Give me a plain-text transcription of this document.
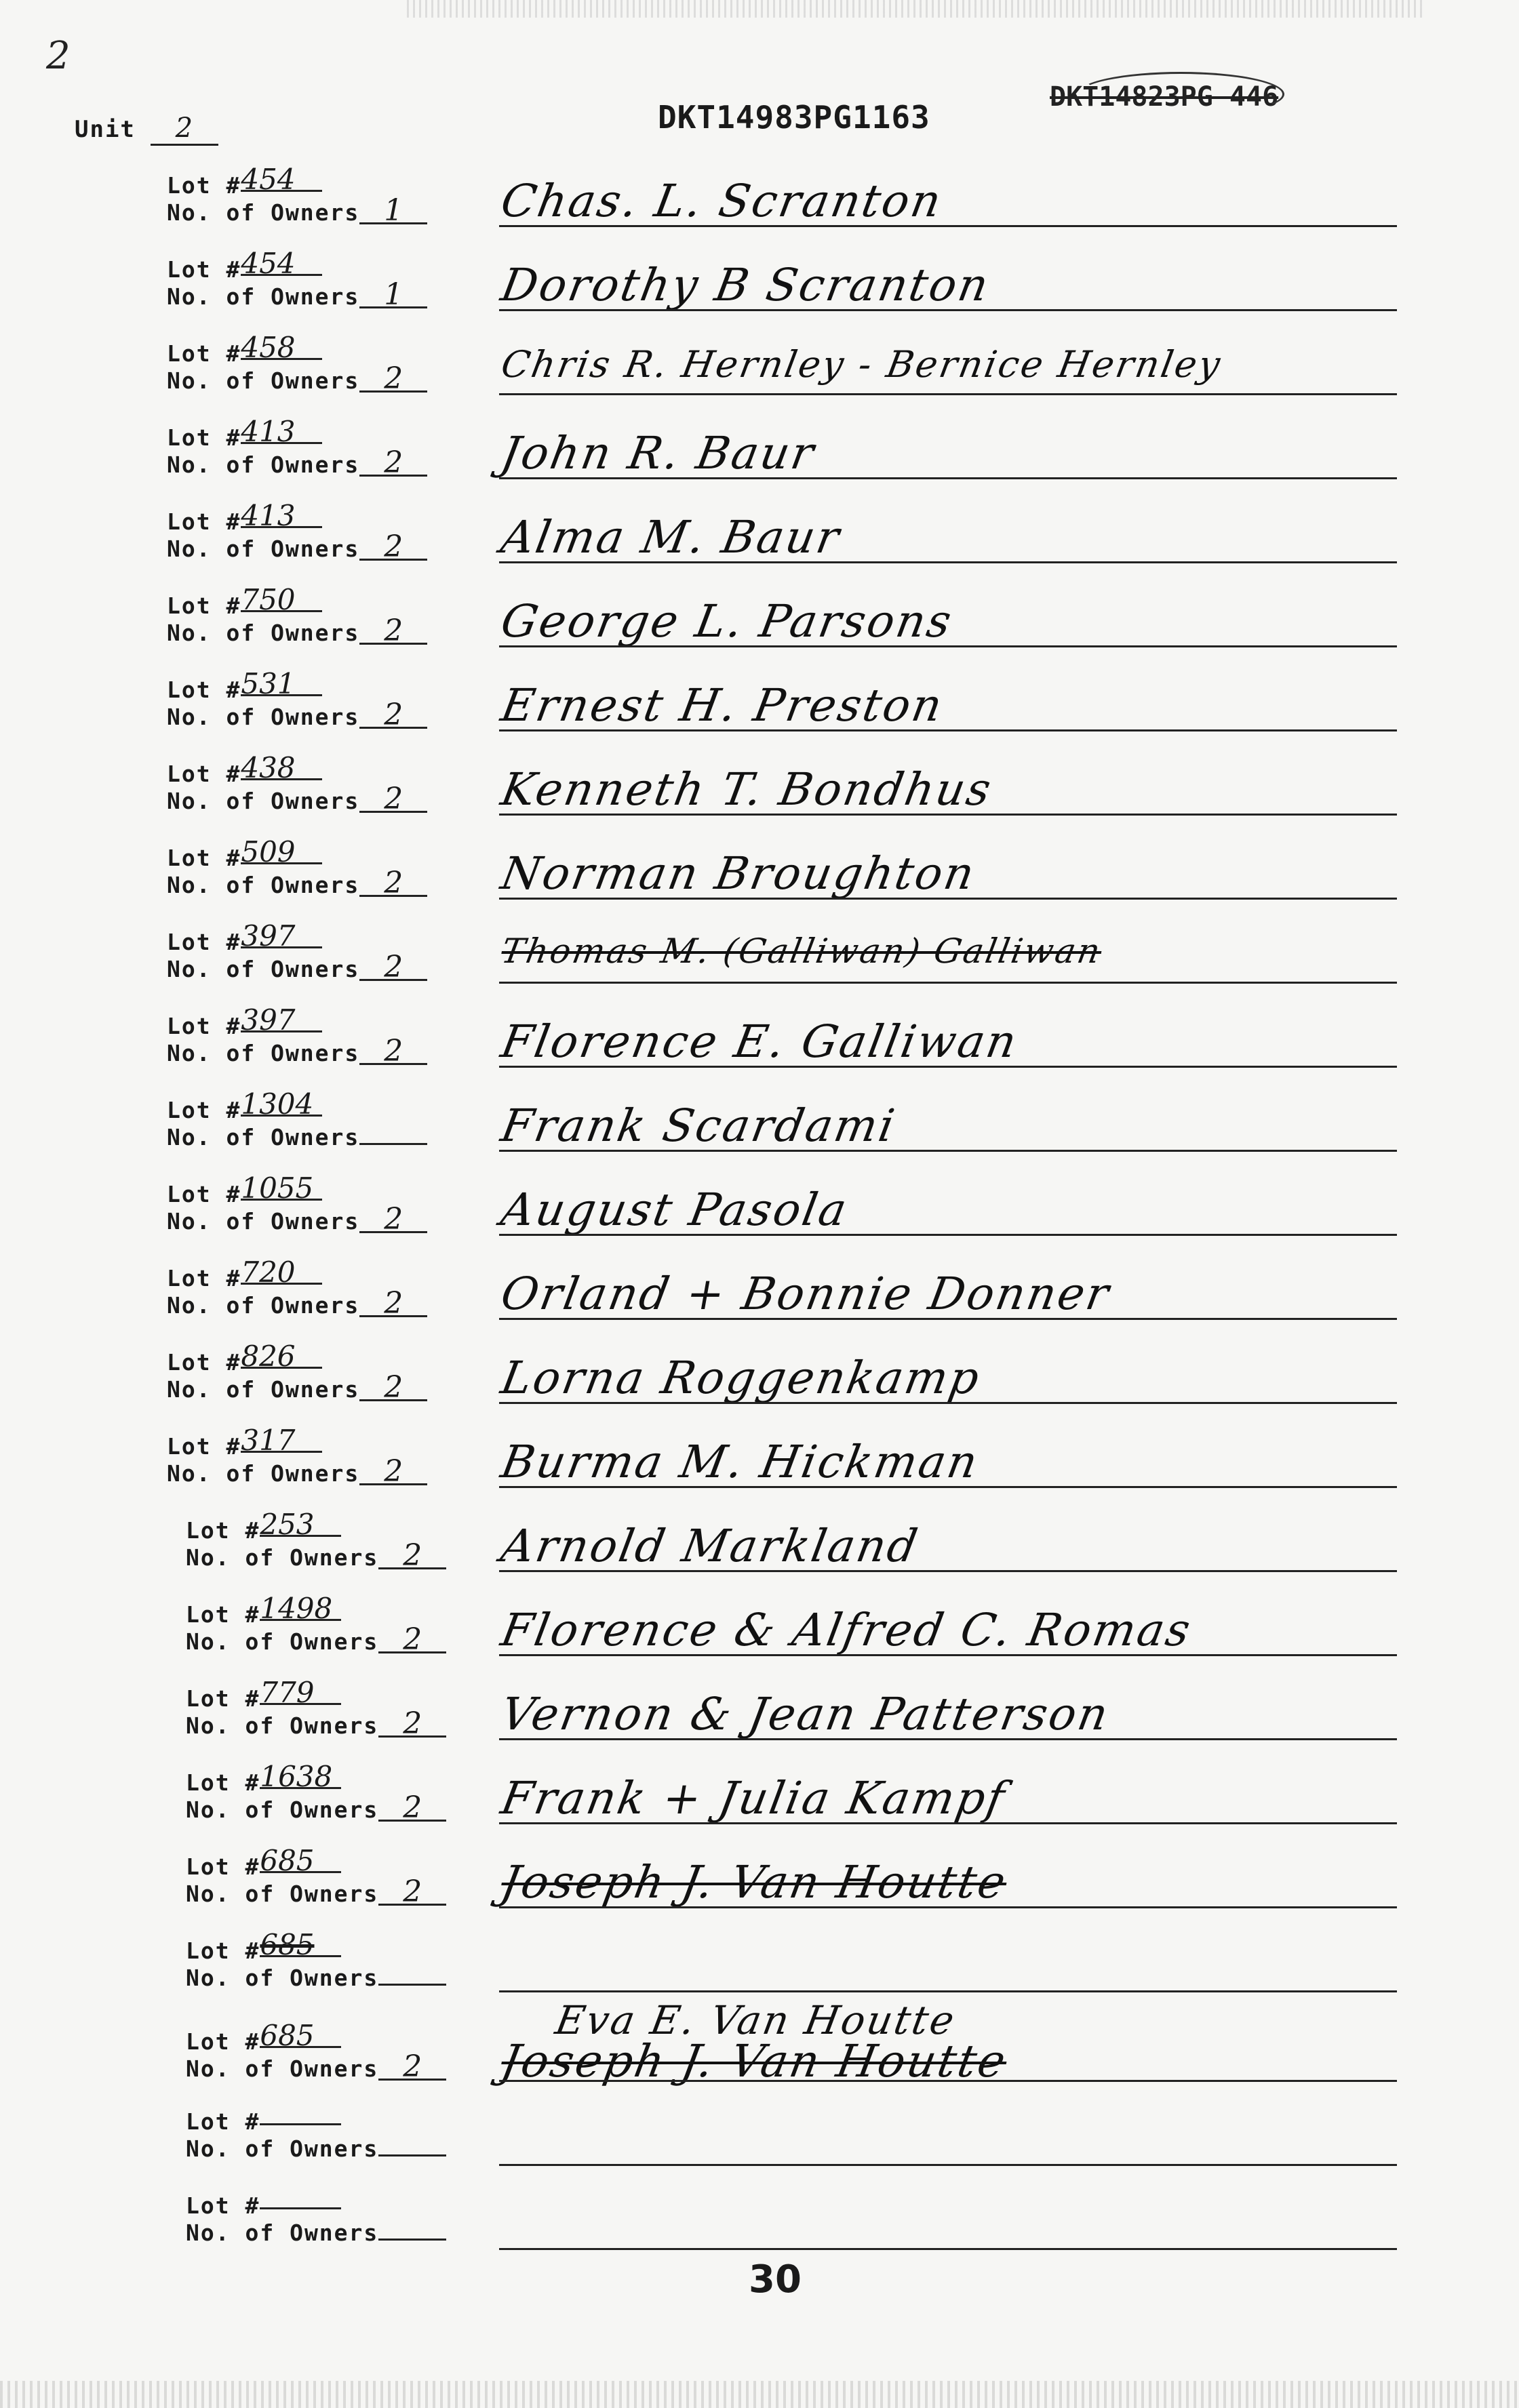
2
Unit 2	DKT14983PG1163
DKT14823PG 446
Lot #454
No. of Owners 1	Chas. L. Scranton
Lot #454
No. of Owners 1	Dorothy B Scranton
Lot #458
No. of Owners 2	Chris R. Hernley - Bernice Hernley
Lot #413
No. of Owners 2	John R. Baur
Lot #413
No. of Owners 2	Alma M. Baur
Lot #750
No. of Owners 2	George L. Parsons
Lot #531
No. of Owners 2	Ernest H. Preston
Lot #438
No. of Owners 2	Kenneth T. Bondhus
Lot #509
No. of Owners 2	Norman Broughton
Lot #397
No. of Owners 2	Thomas M. (Galliwan) Galliwan
Lot #397
No. of Owners 2	Florence E. Galliwan
Lot #1304
No. of Owners	Frank Scardami
Lot #1055
No. of Owners 2	August Pasola
Lot #720
No. of Owners 2	Orland + Bonnie Donner
Lot #826
No. of Owners 2	Lorna Roggenkamp
Lot #317
No. of Owners 2	Burma M. Hickman
Lot #253
No. of Owners 2	Arnold Markland
Lot #1498
No. of Owners 2	Florence & Alfred C. Romas
Lot #779
No. of Owners 2	Vernon & Jean Patterson
Lot #1638
No. of Owners 2	Frank + Julia Kampf
Lot #685
No. of Owners 2	Joseph J. Van Houtte
Lot #685
No. of Owners
Lot #685
No. of Owners 2
Eva E. Van Houtte
Joseph J. Van Houtte
Lot #
No. of Owners
Lot #
No. of Owners
30
